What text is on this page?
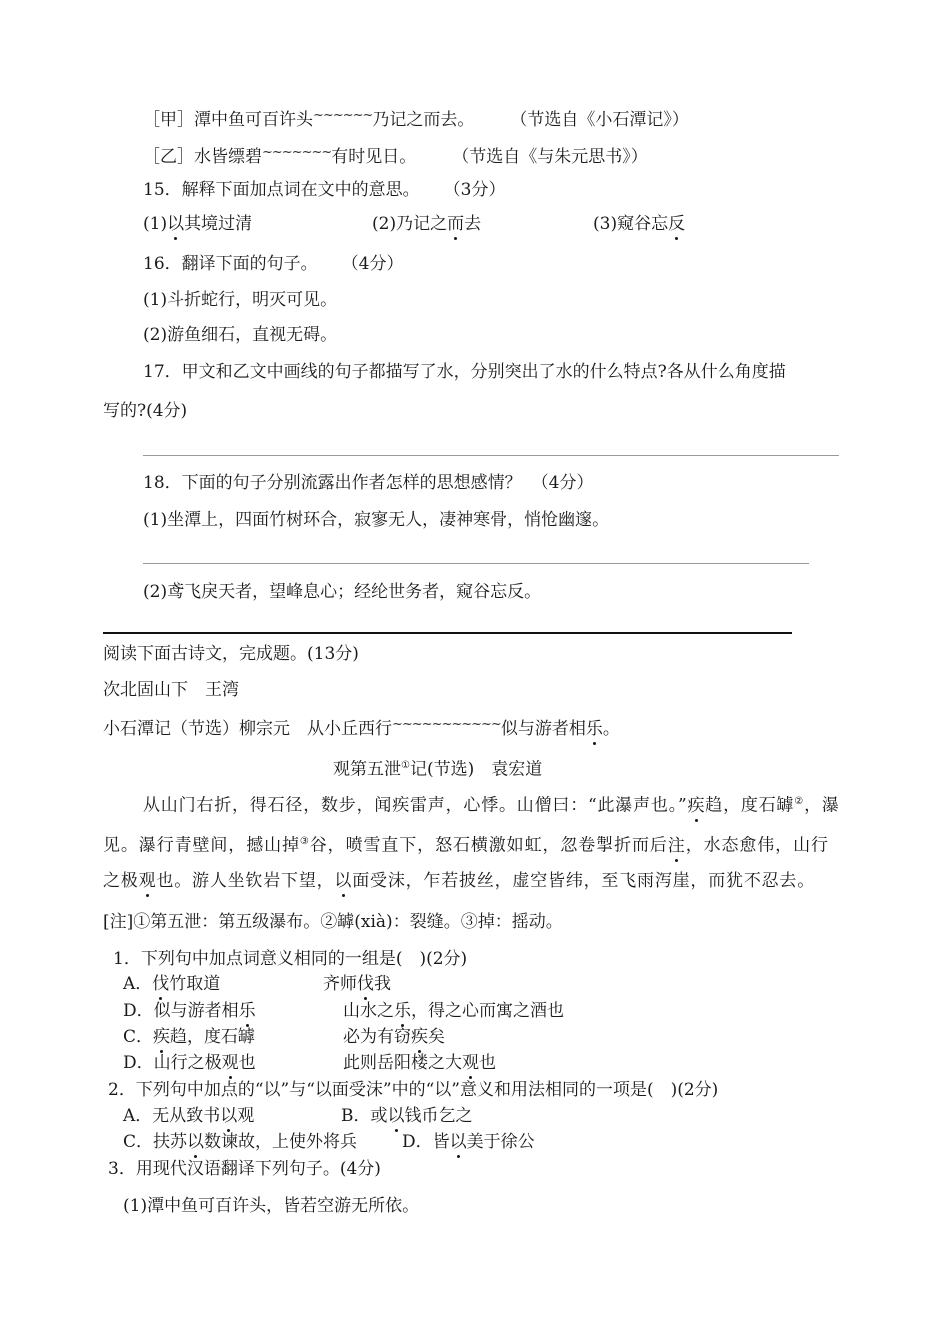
［甲］潭中鱼可百许头~~~~~~乃记之而去。 （节选自《小石潭记》）
［乙］水皆缥碧~~~~~~~有时见日。 （节选自《与朱元思书》）
15．解释下面加点词在文中的意思。 （3分）
(1)以其境过清	(2)乃记之而去	(3)窥谷忘反
16．翻译下面的句子。 （4分）
(1)斗折蛇行，明灭可见。
(2)游鱼细石，直视无碍。
17．甲文和乙文中画线的句子都描写了水，分别突出了水的什么特点?各从什么角度描
写的?(4分)
18．下面的句子分别流露出作者怎样的思想感情？ （4分）
(1)坐潭上，四面竹树环合，寂寥无人，凄神寒骨，悄怆幽邃。
(2)鸢飞戾天者，望峰息心；经纶世务者，窥谷忘反。
阅读下面古诗文，完成题。(13分)
次北固山下　王湾
小石潭记（节选）柳宗元　从小丘西行~~~~~~~~~~~似与游者相乐。
观第五泄①记(节选)　袁宏道
从山门右折，得石径，数步，闻疾雷声，心悸。山僧曰：“此瀑声也。”疾趋，度石罅②，瀑
见。瀑行青壁间，撼山掉③谷，喷雪直下，怒石横激如虹，忽卷掣折而后注，水态愈伟，山行
之极观也。游人坐钦岩下望，以面受沫，乍若披丝，虚空皆纬，至飞雨泻崖，而犹不忍去。
[注]①第五泄：第五级瀑布。②罅(xià)：裂缝。③掉：摇动。
1．下列句中加点词意义相同的一组是(　)(2分)
A．伐竹取道	齐师伐我
D．似与游者相乐	山水之乐，得之心而寓之酒也
C．疾趋，度石罅	必为有窃疾矣
D．山行之极观也	此则岳阳楼之大观也
2．下列句中加点的“以”与“以面受沫”中的“以”意义和用法相同的一项是(　)(2分)
A．无从致书以观	B．或以钱币乞之
C．扶苏以数谏故，上使外将兵	D．皆以美于徐公
3．用现代汉语翻译下列句子。(4分)
(1)潭中鱼可百许头，皆若空游无所依。
